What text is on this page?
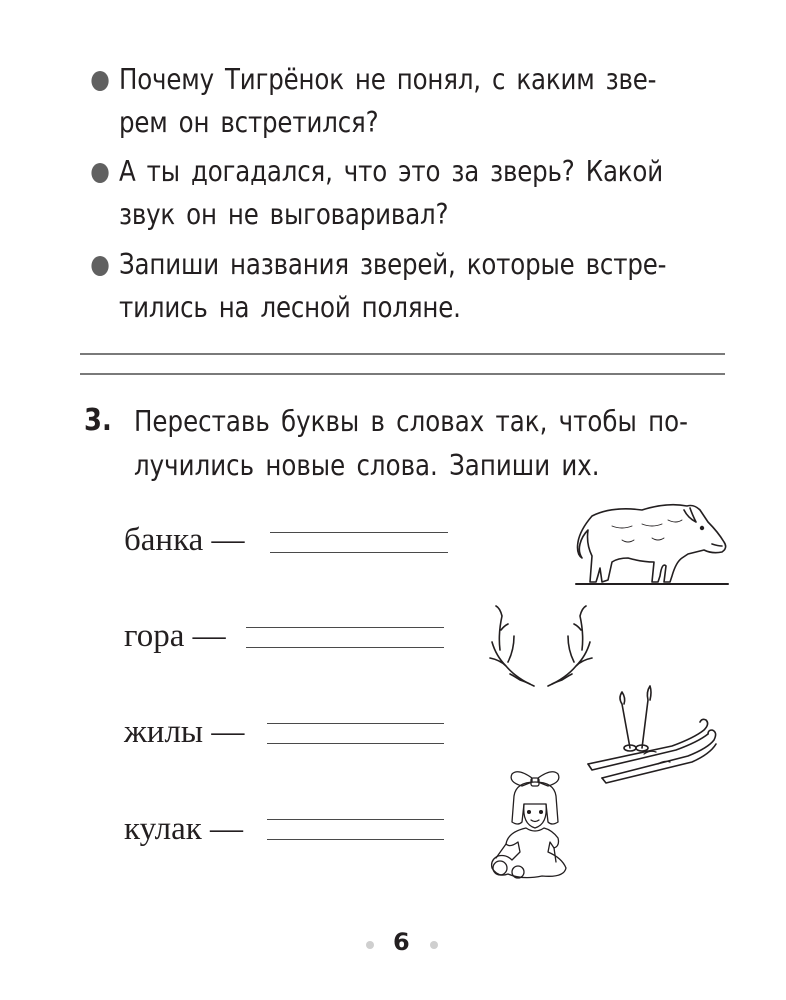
Почему Тигрёнок не понял, с каким зве-
рем он встретился?
А ты догадался, что это за зверь? Какой
звук он не выговаривал?
Запиши названия зверей, которые встре-
тились на лесной поляне.
3. Переставь буквы в словах так, чтобы по-
лучились новые слова. Запиши их.
банка —
гора —
жилы —
кулак —
6
